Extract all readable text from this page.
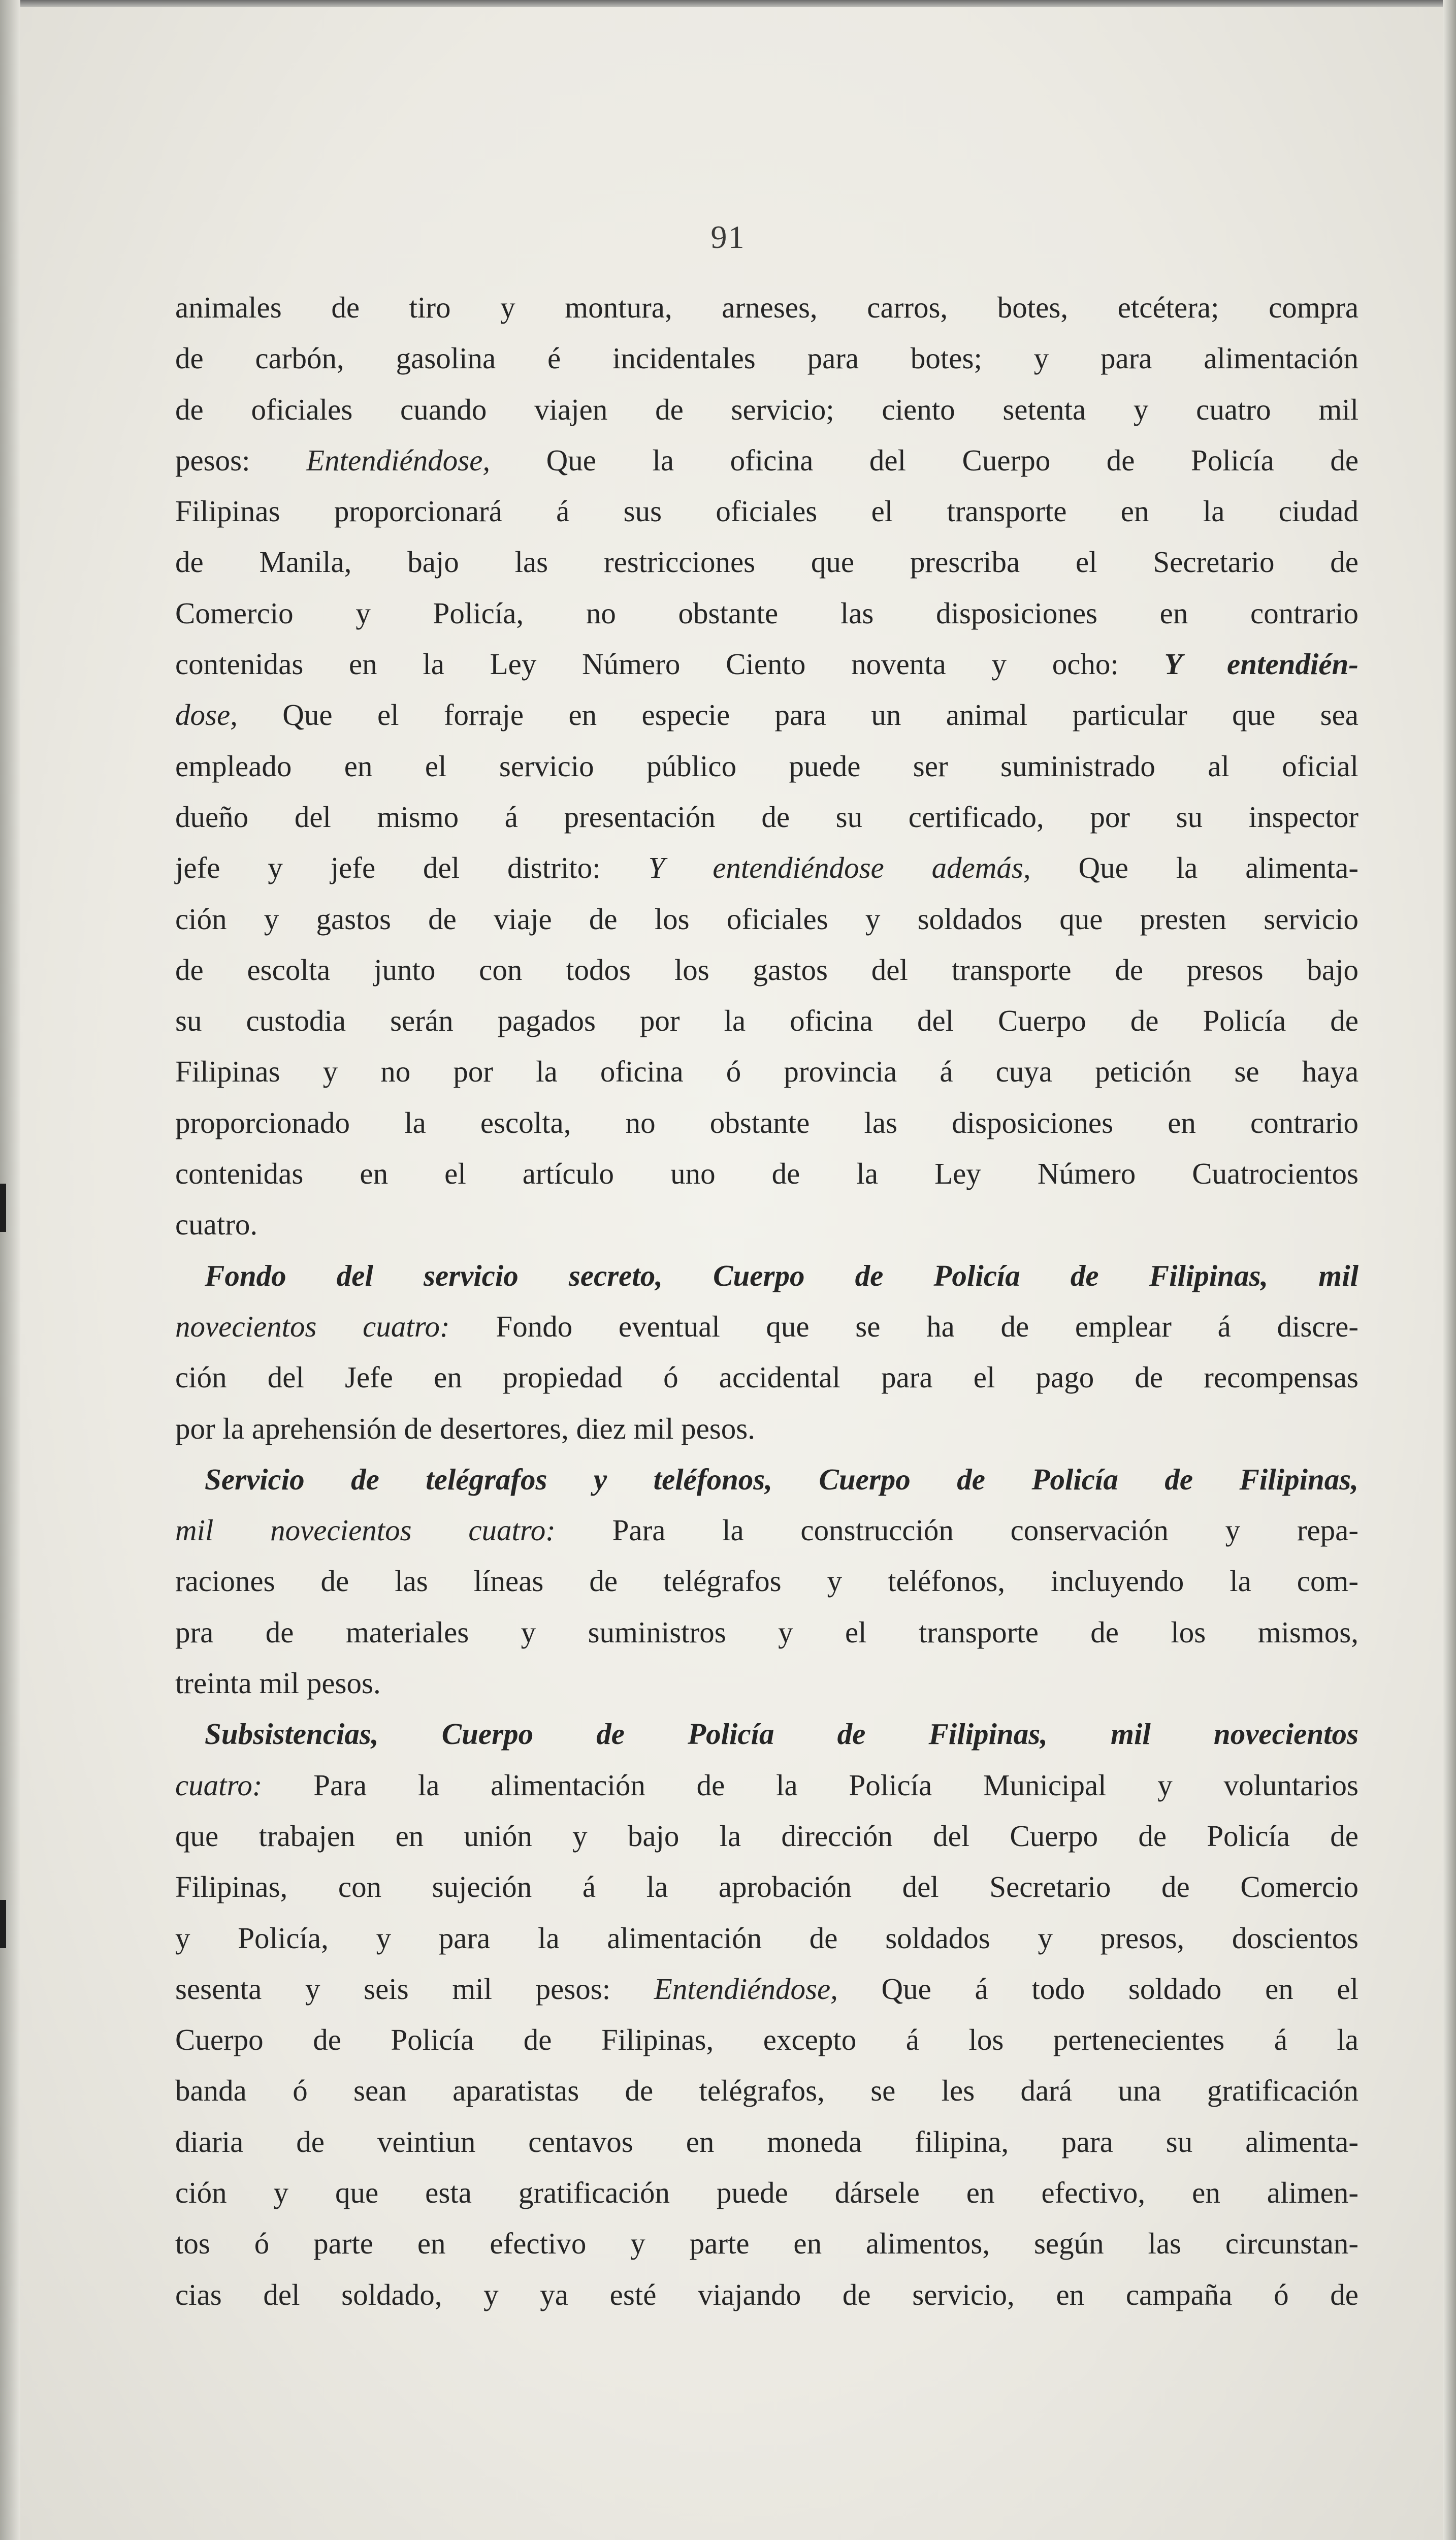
91
animales de tiro y montura, arneses, carros, botes, etcétera; compra
de carbón, gasolina é incidentales para botes; y para alimentación
de oficiales cuando viajen de servicio; ciento setenta y cuatro mil
pesos: Entendiéndose, Que la oficina del Cuerpo de Policía de
Filipinas proporcionará á sus oficiales el transporte en la ciudad
de Manila, bajo las restricciones que prescriba el Secretario de
Comercio y Policía, no obstante las disposiciones en contrario
contenidas en la Ley Número Ciento noventa y ocho: Y entendién-
dose, Que el forraje en especie para un animal particular que sea
empleado en el servicio público puede ser suministrado al oficial
dueño del mismo á presentación de su certificado, por su inspector
jefe y jefe del distrito: Y entendiéndose además, Que la alimenta-
ción y gastos de viaje de los oficiales y soldados que presten servicio
de escolta junto con todos los gastos del transporte de presos bajo
su custodia serán pagados por la oficina del Cuerpo de Policía de
Filipinas y no por la oficina ó provincia á cuya petición se haya
proporcionado la escolta, no obstante las disposiciones en contrario
contenidas en el artículo uno de la Ley Número Cuatrocientos
cuatro.
Fondo del servicio secreto, Cuerpo de Policía de Filipinas, mil
novecientos cuatro: Fondo eventual que se ha de emplear á discre-
ción del Jefe en propiedad ó accidental para el pago de recompensas
por la aprehensión de desertores, diez mil pesos.
Servicio de telégrafos y teléfonos, Cuerpo de Policía de Filipinas,
mil novecientos cuatro: Para la construcción conservación y repa-
raciones de las líneas de telégrafos y teléfonos, incluyendo la com-
pra de materiales y suministros y el transporte de los mismos,
treinta mil pesos.
Subsistencias, Cuerpo de Policía de Filipinas, mil novecientos
cuatro: Para la alimentación de la Policía Municipal y voluntarios
que trabajen en unión y bajo la dirección del Cuerpo de Policía de
Filipinas, con sujeción á la aprobación del Secretario de Comercio
y Policía, y para la alimentación de soldados y presos, doscientos
sesenta y seis mil pesos: Entendiéndose, Que á todo soldado en el
Cuerpo de Policía de Filipinas, excepto á los pertenecientes á la
banda ó sean aparatistas de telégrafos, se les dará una gratificación
diaria de veintiun centavos en moneda filipina, para su alimenta-
ción y que esta gratificación puede dársele en efectivo, en alimen-
tos ó parte en efectivo y parte en alimentos, según las circunstan-
cias del soldado, y ya esté viajando de servicio, en campaña ó de
